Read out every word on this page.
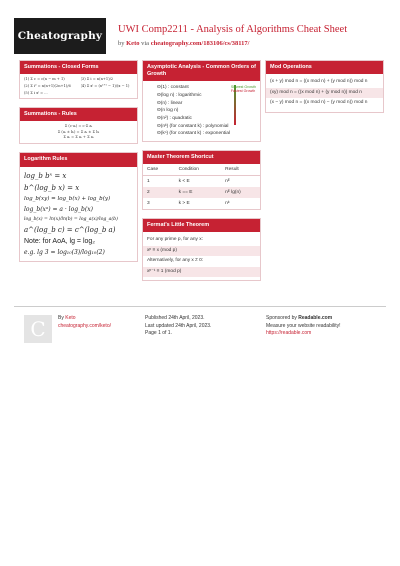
Cheatography
UWI Comp2211 - Analysis of Algorithms Cheat Sheet
by Keto via cheatography.com/183106/cs/38117/
Summations - Closed Forms
(1) Σ c = c(n − m + 1)	(3) Σ i = n(n+1)/2
(2) Σ i² = n(n+1)(2n+1)/6	(4) Σ xⁱ = (xⁿ⁺¹ − 1)/(x − 1)
(5) Σ i xⁱ = ...
Summations - Rules
Σ (c·aᵢ) = c·Σ aᵢ
Σ (aᵢ ± bᵢ) = Σ aᵢ ± Σ bᵢ
Σ aᵢ = Σ aᵢ + Σ aᵢ
Logarithm Rules
log_b bˣ = x
b^(log_b x) = x
log_b(xy) = log_b(x) + log_b(y)
log_b(xᵃ) = a · log_b(x)
log_b(x) = ln(x)/ln(b) = log_a(x)/log_a(b)
a^(log_b c) = c^(log_b a)
Note: for AoA, lg = log₂
e.g. lg 3 = log₁₀(3)/log₁₀(2)
Asymptotic Analysis - Common Orders of Growth
Slowest Growth
Fastest Growth
Θ(1) : constant
Θ(log n) : logarithmic
Θ(n) : linear
Θ(n log n)
Θ(n²) : quadratic
Θ(nᵏ) (for constant k) : polynomial
Θ(kⁿ) (for constant k) : exponential
Master Theorem Shortcut
Case	Condition	Result
1	k < E	nᴱ
2	k == E	nᴱ lg(n)
3	k > E	nᵏ
Fermat's Little Theorem
For any prime p, for any x:
xᵖ ≡ x (mod p)
Alternatively, for any x ≠ 0:
xᵖ⁻¹ ≡ 1 (mod p)
Mod Operations
(x + y) mod n = ((x mod n) + (y mod n)) mod n
(xy) mod n = ((x mod n) + (y mod n)) mod n
(x − y) mod n = ((x mod n) − (y mod n)) mod n
C	By Keto
cheatography.com/keto/
Published 24th April, 2023.
Last updated 24th April, 2023.
Page 1 of 1.
Sponsored by Readable.com
Measure your website readability!
https://readable.com
